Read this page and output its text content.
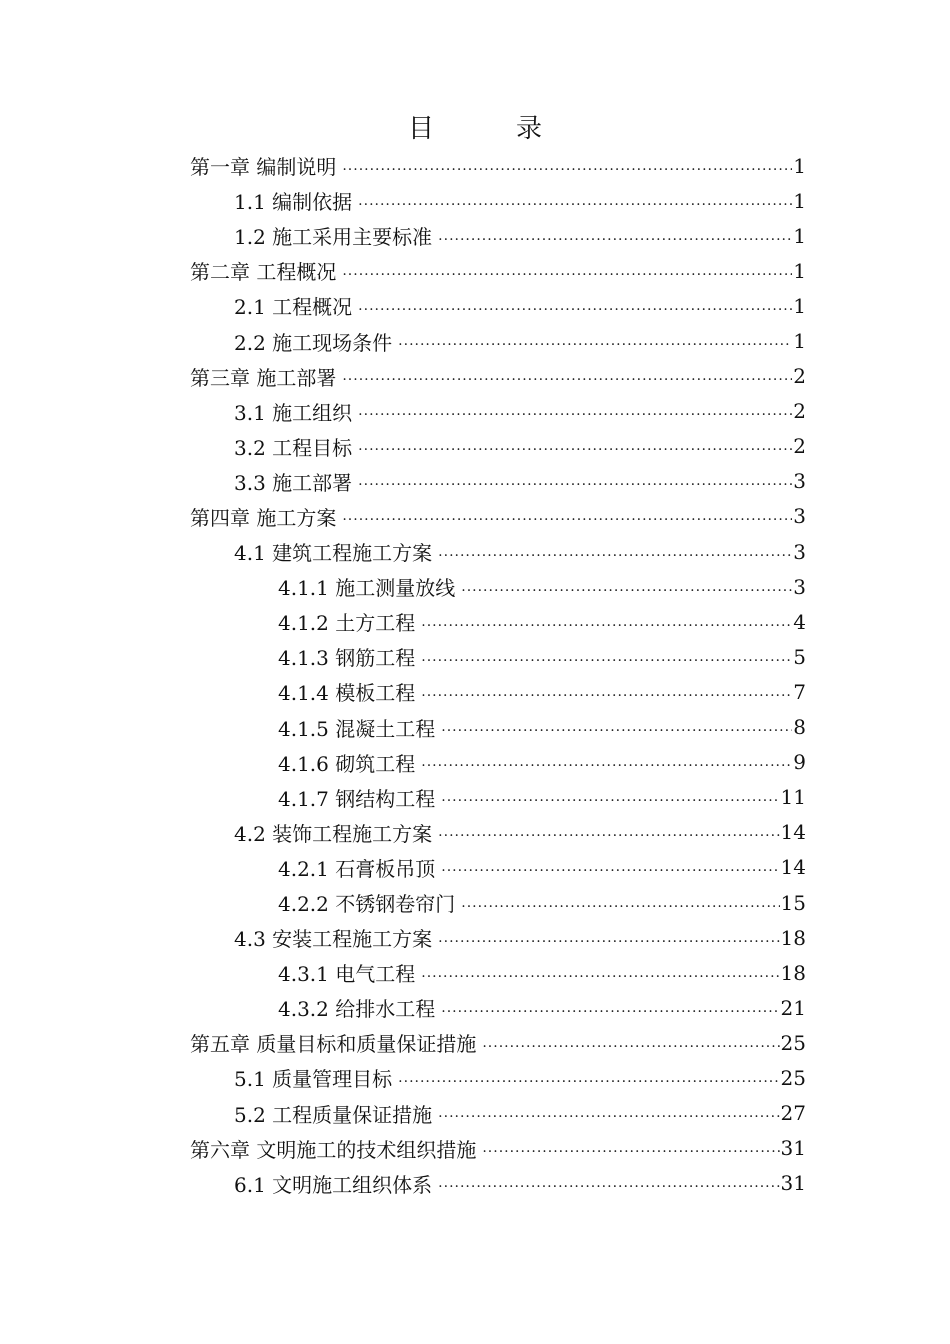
目　录
第一章 编制说明 .....	1
1.1 编制依据 .....	1
1.2 施工采用主要标准 .....	1
第二章 工程概况 .....	1
2.1 工程概况 .....	1
2.2 施工现场条件 .....	1
第三章 施工部署 .....	2
3.1 施工组织 .....	2
3.2 工程目标 .....	2
3.3 施工部署 .....	3
第四章 施工方案 .....	3
4.1 建筑工程施工方案 .....	3
4.1.1 施工测量放线 .....	3
4.1.2 土方工程 .....	4
4.1.3 钢筋工程 .....	5
4.1.4 模板工程 .....	7
4.1.5 混凝土工程 .....	8
4.1.6 砌筑工程 .....	9
4.1.7 钢结构工程 .....	11
4.2 装饰工程施工方案 .....	14
4.2.1 石膏板吊顶 .....	14
4.2.2 不锈钢卷帘门 .....	15
4.3 安装工程施工方案 .....	18
4.3.1 电气工程 .....	18
4.3.2 给排水工程 .....	21
第五章 质量目标和质量保证措施 .....	25
5.1 质量管理目标 .....	25
5.2 工程质量保证措施 .....	27
第六章 文明施工的技术组织措施 .....	31
6.1 文明施工组织体系 .....	31
